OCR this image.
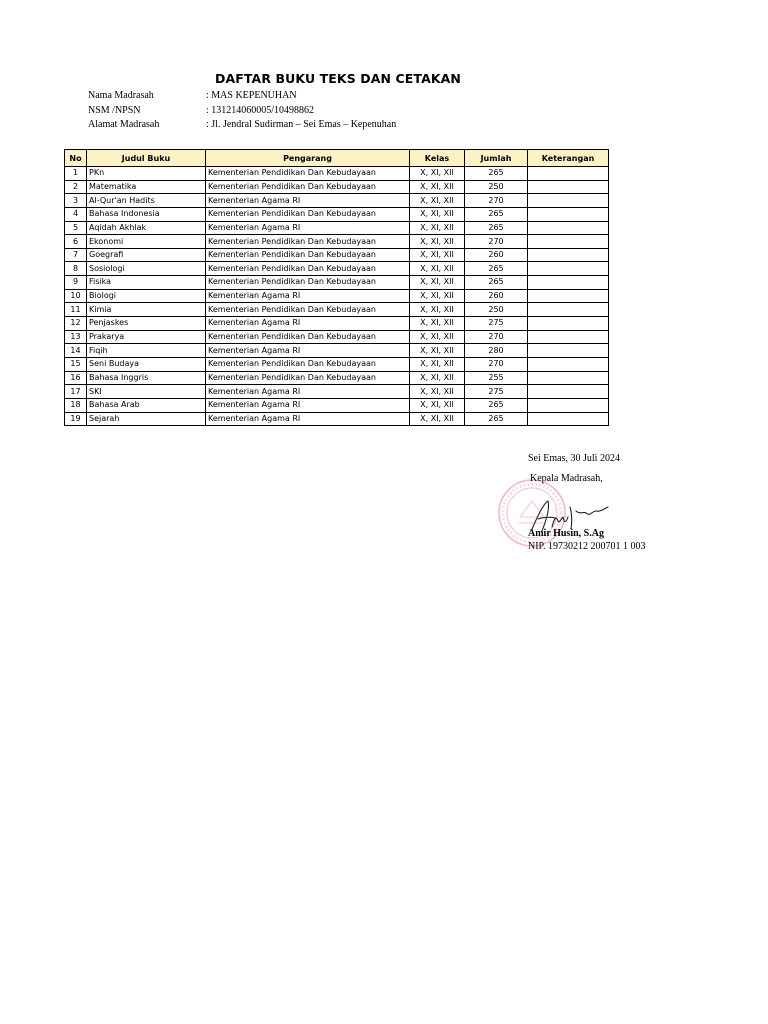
DAFTAR BUKU TEKS DAN CETAKAN
Nama Madrasah	: MAS KEPENUHAN
NSM /NPSN	: 131214060005/10498862
Alamat Madrasah	: Jl. Jendral Sudirman – Sei Emas – Kepenuhan
No	Judul Buku	Pengarang	Kelas	Jumlah	Keterangan
1	PKn	Kementerian Pendidikan Dan Kebudayaan	X, XI, XII	265	
2	Matematika	Kementerian Pendidikan Dan Kebudayaan	X, XI, XII	250	
3	Al-Qur'an Hadits	Kementerian Agama RI	X, XI, XII	270	
4	Bahasa Indonesia	Kementerian Pendidikan Dan Kebudayaan	X, XI, XII	265	
5	Aqidah Akhlak	Kementerian Agama RI	X, XI, XII	265	
6	Ekonomi	Kementerian Pendidikan Dan Kebudayaan	X, XI, XII	270	
7	Goegrafi	Kementerian Pendidikan Dan Kebudayaan	X, XI, XII	260	
8	Sosiologi	Kementerian Pendidikan Dan Kebudayaan	X, XI, XII	265	
9	Fisika	Kementerian Pendidikan Dan Kebudayaan	X, XI, XII	265	
10	Biologi	Kementerian Agama RI	X, XI, XII	260	
11	Kimia	Kementerian Pendidikan Dan Kebudayaan	X, XI, XII	250	
12	Penjaskes	Kementerian Agama RI	X, XI, XII	275	
13	Prakarya	Kementerian Pendidikan Dan Kebudayaan	X, XI, XII	270	
14	Fiqih	Kementerian Agama RI	X, XI, XII	280	
15	Seni Budaya	Kementerian Pendidikan Dan Kebudayaan	X, XI, XII	270	
16	Bahasa Inggris	Kementerian Pendidikan Dan Kebudayaan	X, XI, XII	255	
17	SKI	Kementerian Agama RI	X, XI, XII	275	
18	Bahasa Arab	Kementerian Agama RI	X, XI, XII	265	
19	Sejarah	Kementerian Agama RI	X, XI, XII	265	
Sei Emas, 30 Juli 2024
Kepala Madrasah,
Amir Husin, S.Ag
NIP. 19730212 200701 1 003
